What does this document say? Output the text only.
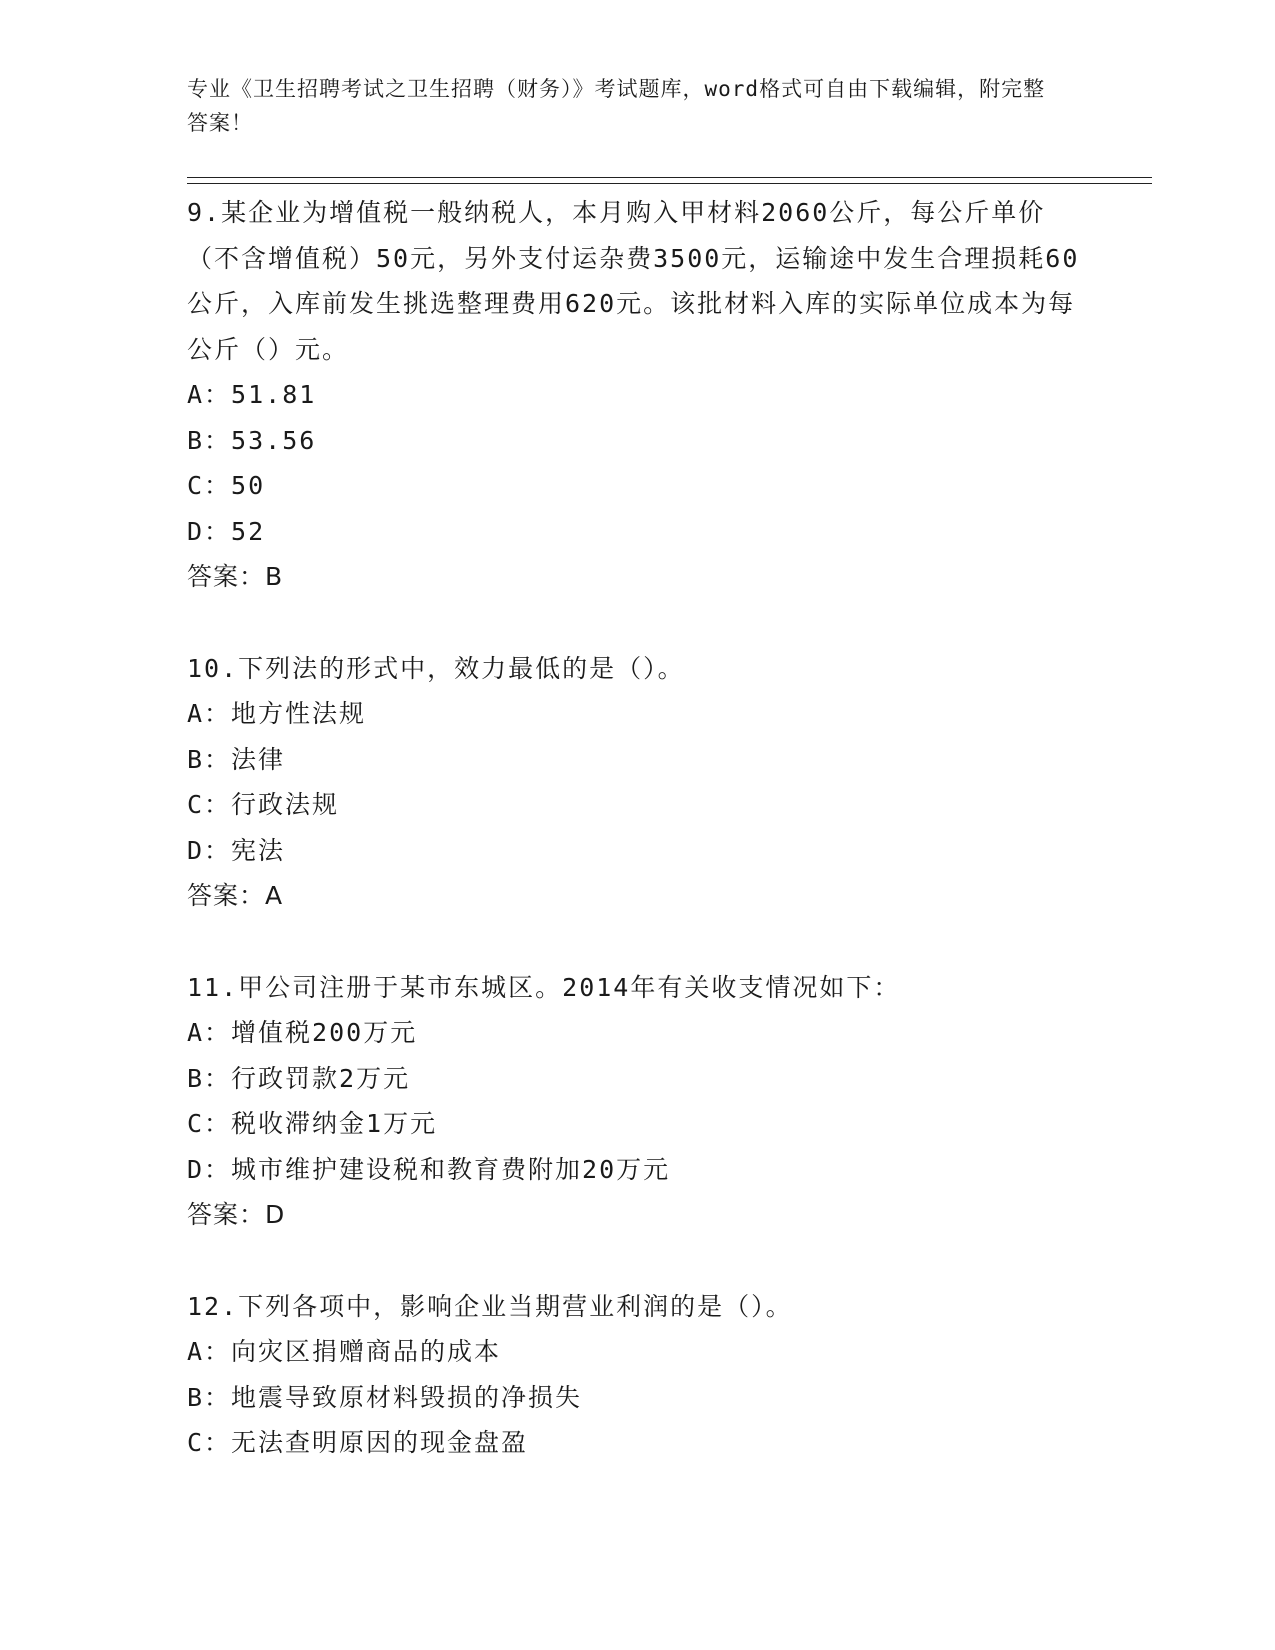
专业《卫生招聘考试之卫生招聘（财务）》考试题库，word格式可自由下载编辑，附完整答案！

9.某企业为增值税一般纳税人，本月购入甲材料2060公斤，每公斤单价（不含增值税）50元，另外支付运杂费3500元，运输途中发生合理损耗60公斤，入库前发生挑选整理费用620元。该批材料入库的实际单位成本为每公斤（）元。

A：51.81

B：53.56

C：50

D：52

答案：B

10.下列法的形式中，效力最低的是（）。

A：地方性法规

B：法律

C：行政法规

D：宪法

答案：A

11.甲公司注册于某市东城区。2014年有关收支情况如下：

A：增值税200万元

B：行政罚款2万元

C：税收滞纳金1万元

D：城市维护建设税和教育费附加20万元

答案：D

12.下列各项中，影响企业当期营业利润的是（）。

A：向灾区捐赠商品的成本

B：地震导致原材料毁损的净损失

C：无法查明原因的现金盘盈
